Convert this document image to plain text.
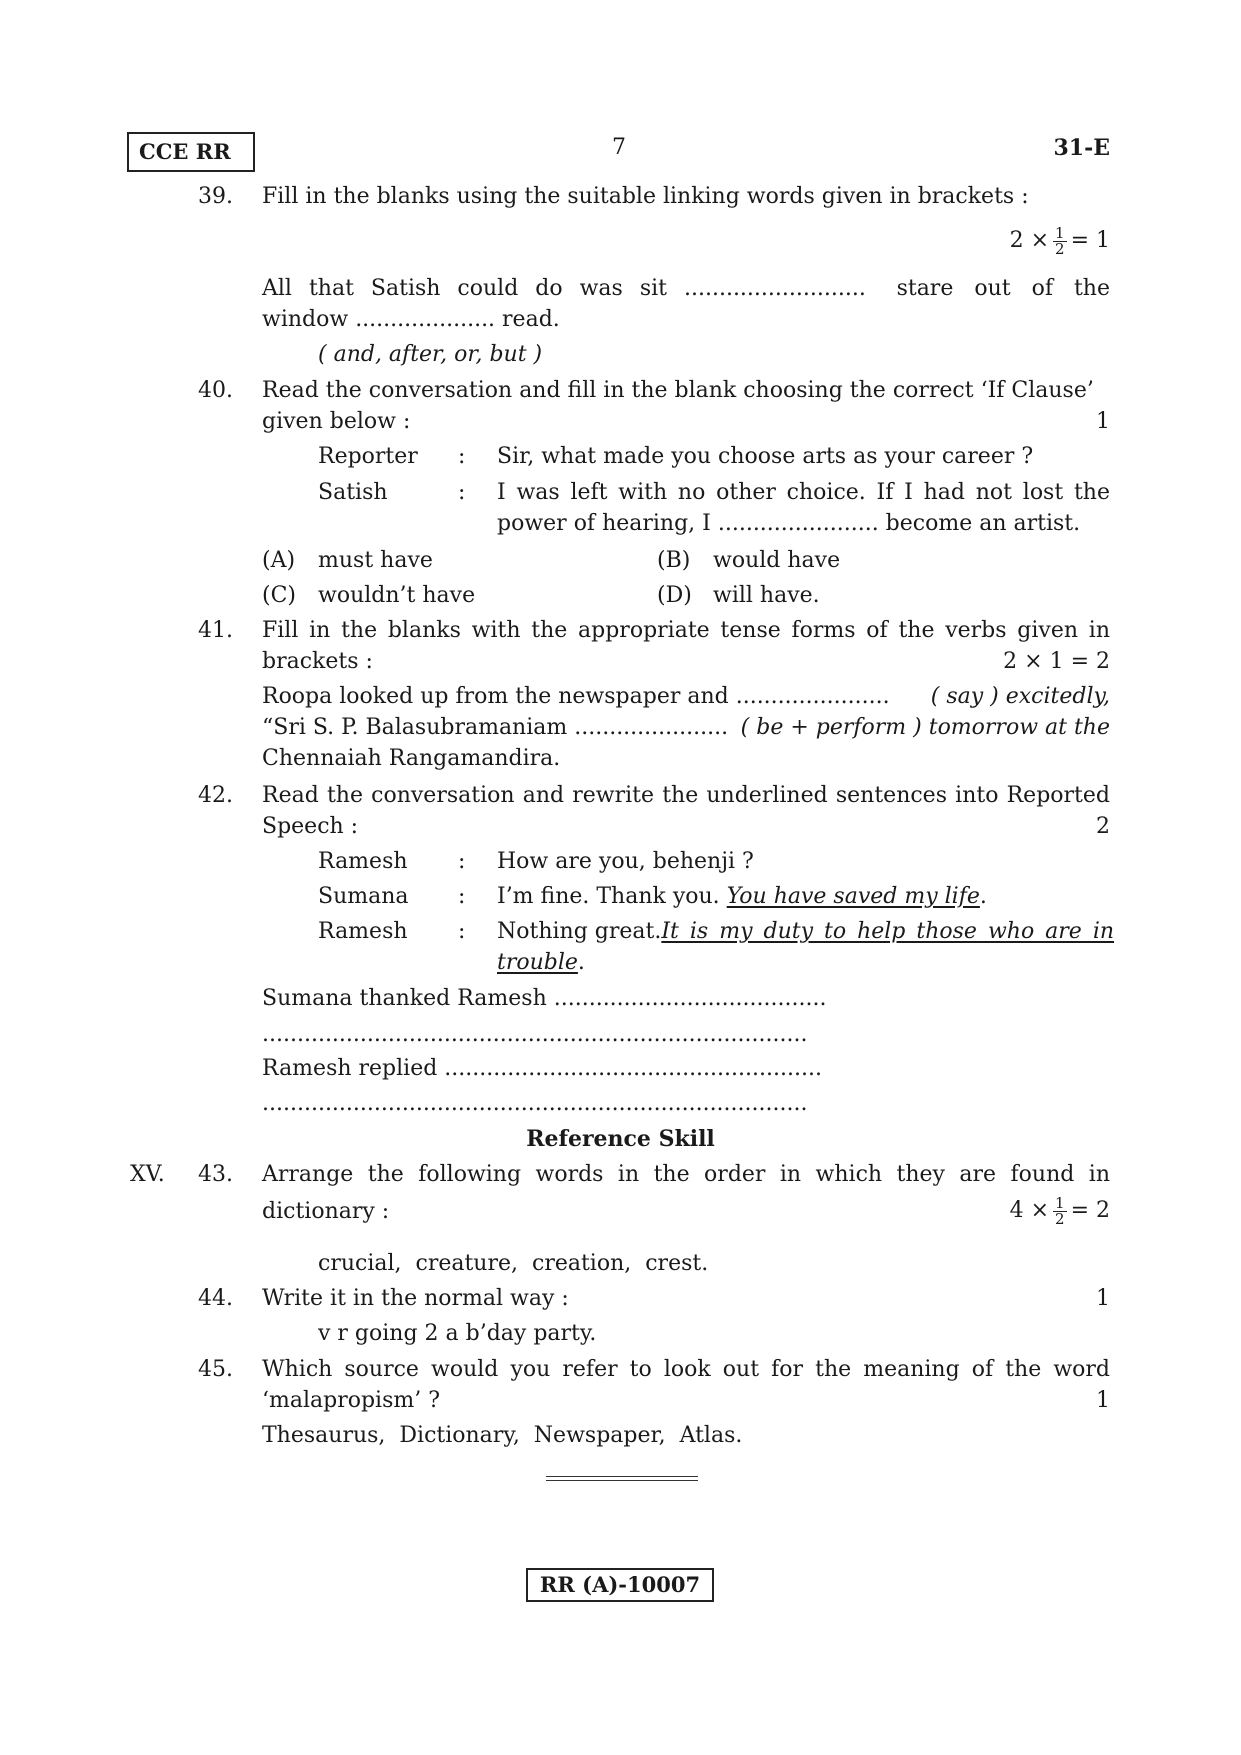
CCE RR	7	31-E
39. Fill in the blanks using the suitable linking words given in brackets :
$2 \times \frac{1}{2} = 1$
All that Satish could do was sit .......................... stare out of the
window .................... read.
( and, after, or, but )
40. Read the conversation and fill in the blank choosing the correct ‘If Clause’
given below :	1
Reporter : Sir, what made you choose arts as your career ?
Satish	: I was left with no other choice. If I had not lost the
power of hearing, I ....................... become an artist.
(A) must have	(B) would have
(C) wouldn’t have	(D) will have.
41. Fill in the blanks with the appropriate tense forms of the verbs given in
brackets :	2 × 1 = 2
Roopa looked up from the newspaper and ...................... ( say ) excitedly,
“Sri S. P. Balasubramaniam ...................... ( be + perform ) tomorrow at the
Chennaiah Rangamandira.
42. Read the conversation and rewrite the underlined sentences into Reported
Speech :	2
Ramesh : How are you, behenji ?
Sumana : I’m fine. Thank you. You have saved my life.
Ramesh : Nothing great. It is my duty to help those who are in
trouble.
Sumana thanked Ramesh .......................................
..............................................................................
Ramesh replied ......................................................
..............................................................................
Reference Skill
XV. 43. Arrange the following words in the order in which they are found in
dictionary :	$4 \times \frac{1}{2} = 2$
crucial,  creature,  creation,  crest.
44. Write it in the normal way :	1
v r going 2 a b’day party.
45. Which source would you refer to look out for the meaning of the word
‘malapropism’ ?	1
Thesaurus,  Dictionary,  Newspaper,  Atlas.
RR (A)-10007
